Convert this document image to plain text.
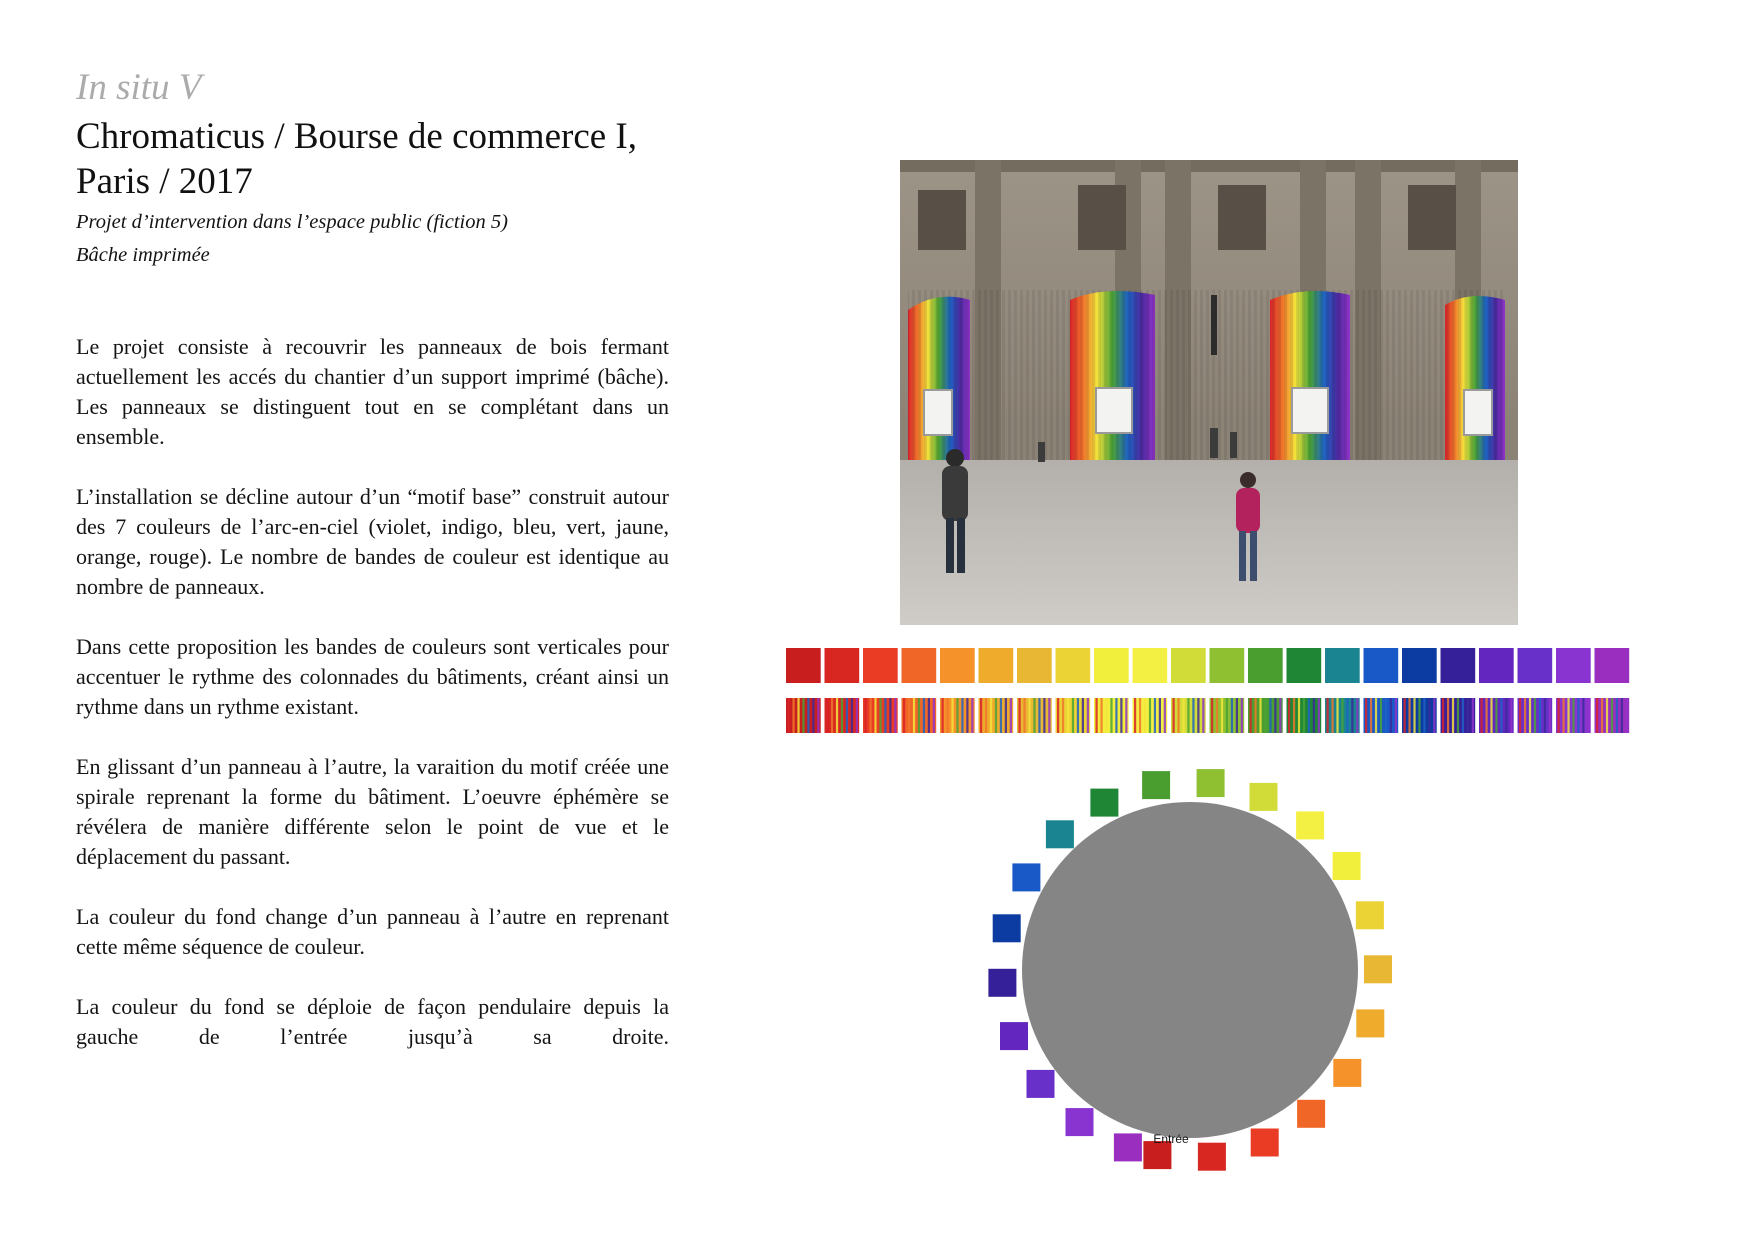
In situ V
Chromaticus / Bourse de commerce I,
Paris / 2017
Projet d’intervention dans l’espace public (fiction 5)
Bâche imprimée

Le projet consiste à recouvrir les panneaux de bois fermant actuellement les accés du chantier d’un support imprimé (bâche). Les panneaux se distinguent tout en se complétant dans un ensemble.

L’installation se décline autour d’un “motif base” construit autour des 7 couleurs de l’arc-en-ciel (violet, indigo, bleu, vert, jaune, orange, rouge). Le nombre de bandes de couleur est identique au nombre de panneaux.

Dans cette proposition les bandes de couleurs sont verticales pour accentuer le rythme des colonnades du bâtiments, créant ainsi un rythme dans un rythme existant.

En glissant d’un panneau à l’autre, la varaition du motif créée une spirale reprenant la forme du bâtiment. L’oeuvre éphémère se révélera de manière différente selon le point de vue et le déplacement du passant.

La couleur du fond change d’un panneau à l’autre en reprenant cette même séquence de couleur.

La couleur du fond se déploie de façon pendulaire depuis la gauche de l’entrée jusqu’à sa droite.

Entrée
